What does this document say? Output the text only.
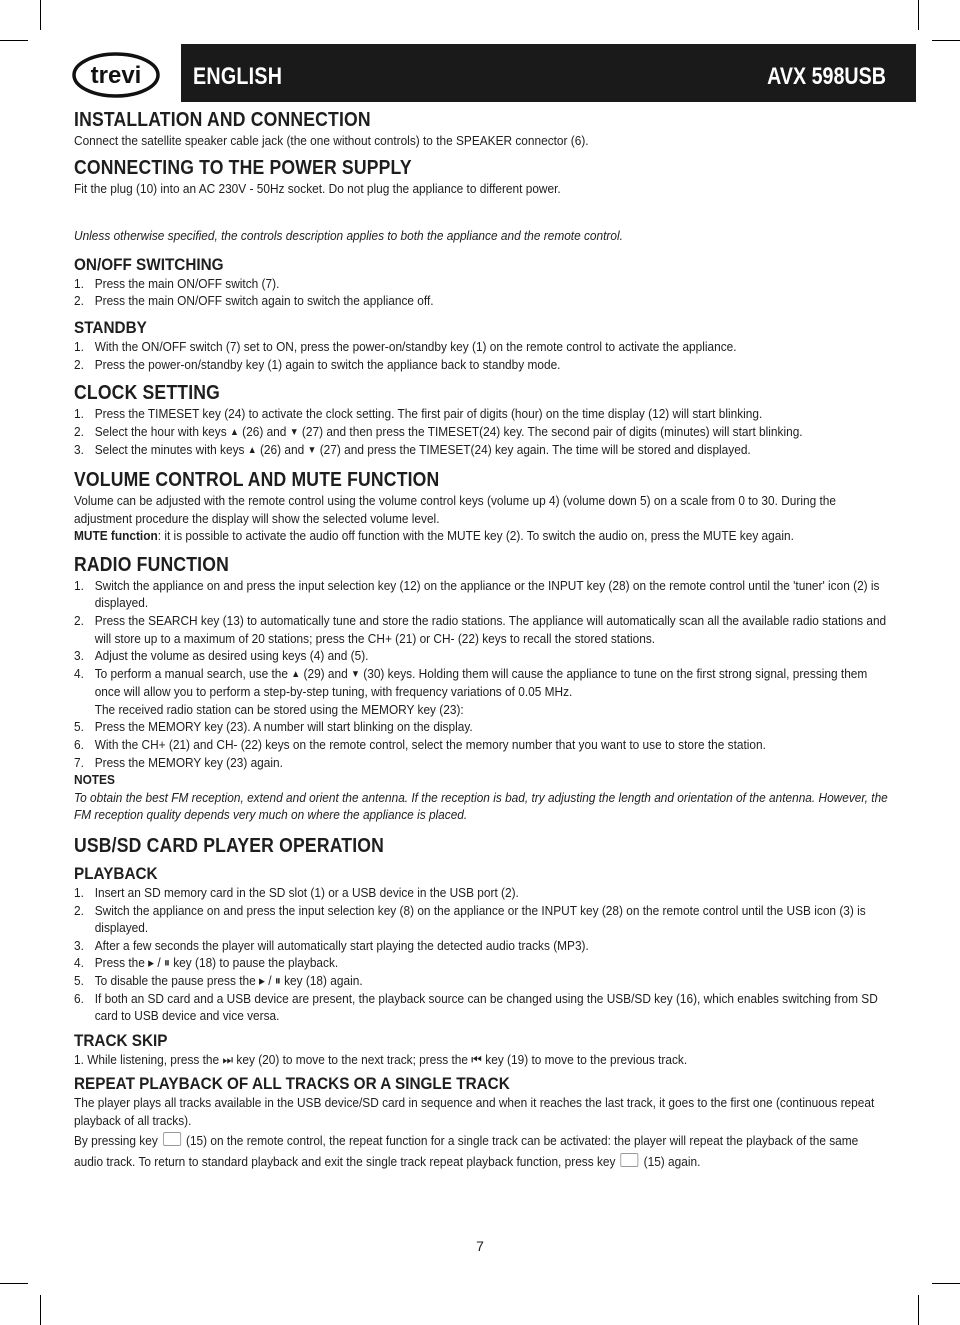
trevi ENGLISH	AVX 598USB
INSTALLATION AND CONNECTION

Connect the satellite speaker cable jack (the one without controls) to the SPEAKER connector (6).

CONNECTING TO THE POWER SUPPLY

Fit the plug (10) into an AC 230V - 50Hz socket. Do not plug the appliance to different power.

Unless otherwise specified, the controls description applies to both the appliance and the remote control.

ON/OFF SWITCHING
1. Press the main ON/OFF switch (7).
2. Press the main ON/OFF switch again to switch the appliance off.
STANDBY
1. With the ON/OFF switch (7) set to ON, press the power-on/standby key (1) on the remote control to activate the appliance.
2. Press the power-on/standby key (1) again to switch the appliance back to standby mode.
CLOCK SETTING
1. Press the TIMESET key (24) to activate the clock setting. The first pair of digits (hour) on the time display (12) will start blinking.
2. Select the hour with keys ▲ (26) and ▼ (27) and then press the TIMESET(24) key. The second pair of digits (minutes) will start blinking.
3. Select the minutes with keys ▲ (26) and ▼ (27) and press the TIMESET(24) key again. The time will be stored and displayed.
VOLUME CONTROL AND MUTE FUNCTION

Volume can be adjusted with the remote control using the volume control keys (volume up 4) (volume down 5) on a scale from 0 to 30. During the adjustment procedure the display will show the selected volume level.

MUTE function: it is possible to activate the audio off function with the MUTE key (2). To switch the audio on, press the MUTE key again.

RADIO FUNCTION
1. Switch the appliance on and press the input selection key (12) on the appliance or the INPUT key (28) on the remote control until the 'tuner' icon (2) is displayed.
2. Press the SEARCH key (13) to automatically tune and store the radio stations. The appliance will automatically scan all the available radio stations and will store up to a maximum of 20 stations; press the CH+ (21) or CH- (22) keys to recall the stored stations.
3. Adjust the volume as desired using keys (4) and (5).
4. To perform a manual search, use the ▲ (29) and ▼ (30) keys. Holding them will cause the appliance to tune on the first strong signal, pressing them once will allow you to perform a step-by-step tuning, with frequency variations of 0.05 MHz.
The received radio station can be stored using the MEMORY key (23):
5. Press the MEMORY key (23). A number will start blinking on the display.
6. With the CH+ (21) and CH- (22) keys on the remote control, select the memory number that you want to use to store the station.
7. Press the MEMORY key (23) again.

NOTES

To obtain the best FM reception, extend and orient the antenna. If the reception is bad, try adjusting the length and orientation of the antenna. However, the FM reception quality depends very much on where the appliance is placed.

USB/SD CARD PLAYER OPERATION
PLAYBACK
1. Insert an SD memory card in the SD slot (1) or a USB device in the USB port (2).
2. Switch the appliance on and press the input selection key (8) on the appliance or the INPUT key (28) on the remote control until the USB icon (3) is displayed.
3. After a few seconds the player will automatically start playing the detected audio tracks (MP3).
4. Press the ▸ / ⏸ key (18) to pause the playback.
5. To disable the pause press the ▸ / ⏸ key (18) again.
6. If both an SD card and a USB device are present, the playback source can be changed using the USB/SD key (16), which enables switching from SD card to USB device and vice versa.
TRACK SKIP

1. While listening, press the ⏭ key (20) to move to the next track; press the ⏮ key (19) to move to the previous track.

REPEAT PLAYBACK OF ALL TRACKS OR A SINGLE TRACK

The player plays all tracks available in the USB device/SD card in sequence and when it reaches the last track, it goes to the first one (continuous repeat playback of all tracks).

By pressing key (15) on the remote control, the repeat function for a single track can be activated: the player will repeat the playback of the same audio track. To return to standard playback and exit the single track repeat playback function, press key (15) again.

7
